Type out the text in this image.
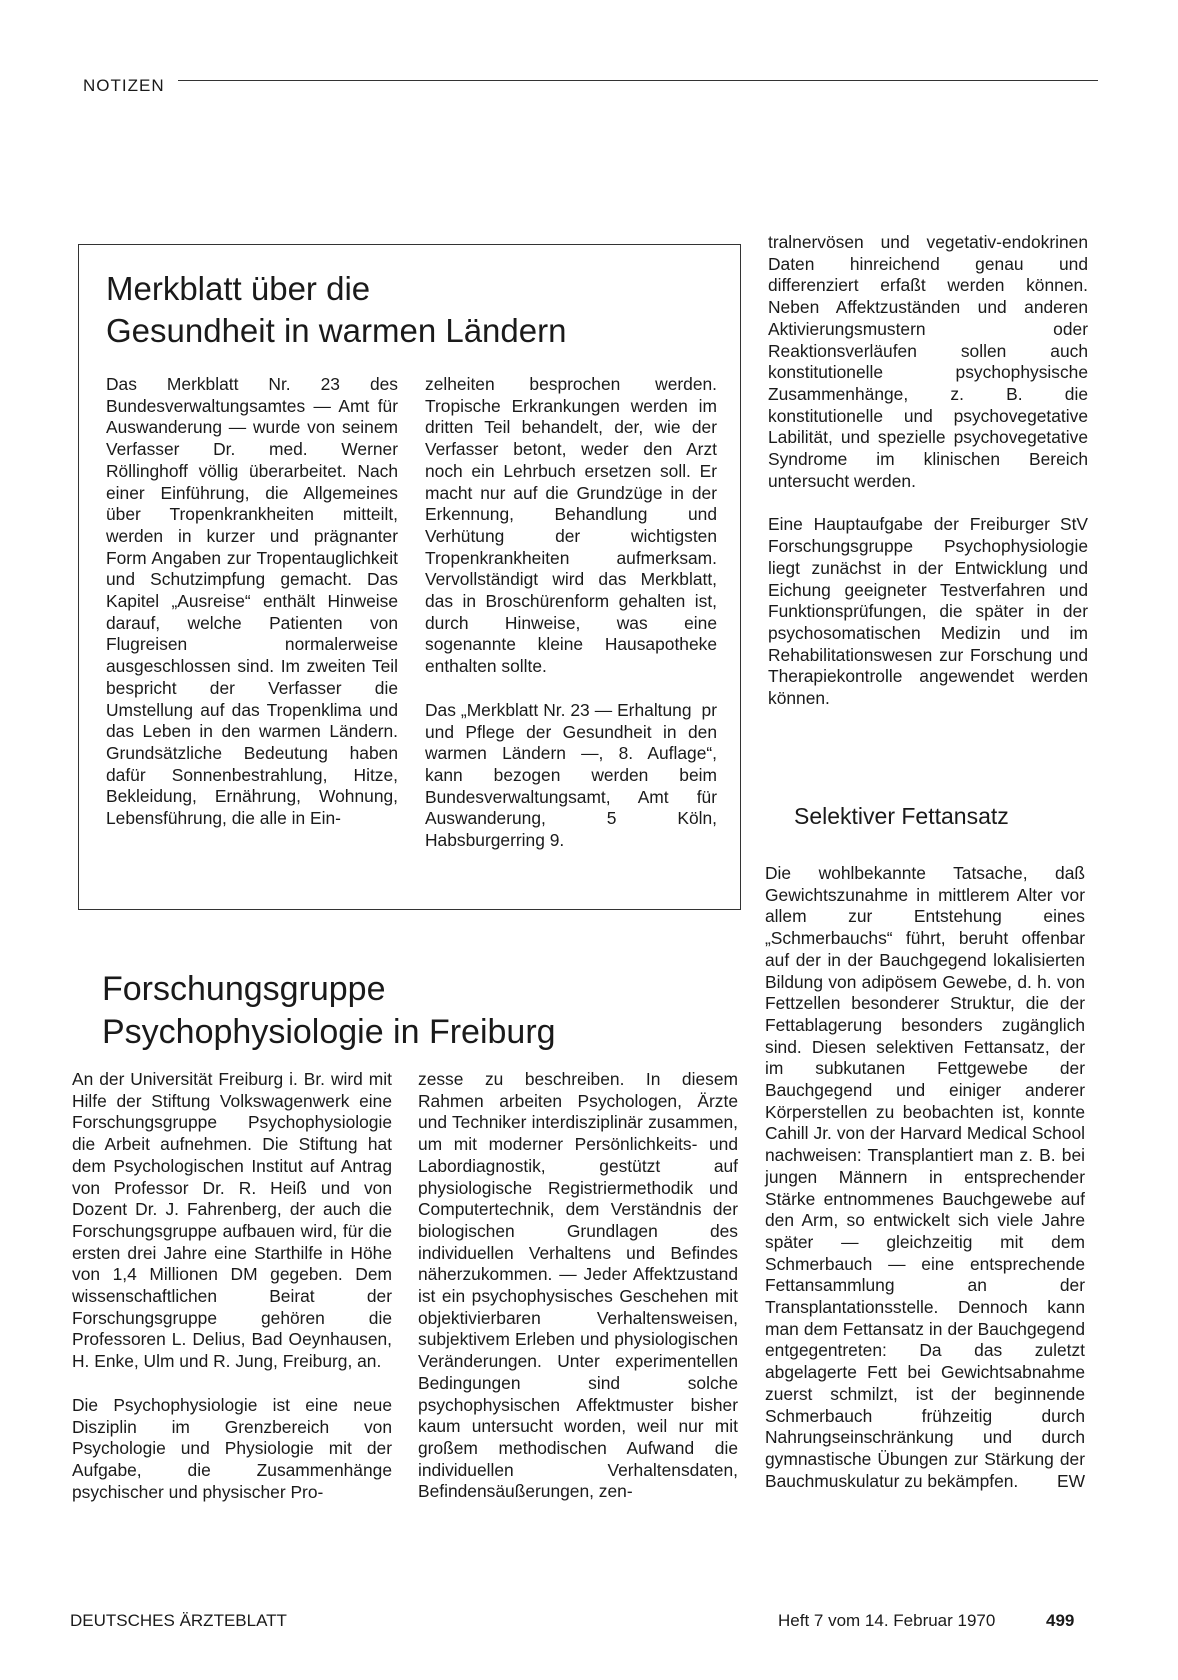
NOTIZEN
Merkblatt über die
Gesundheit in warmen Ländern

Das Merkblatt Nr. 23 des Bundesverwaltungsamtes — Amt für Auswanderung — wurde von seinem Verfasser Dr. med. Werner Röllinghoff völlig überarbeitet. Nach einer Einführung, die Allgemeines über Tropenkrankheiten mitteilt, werden in kurzer und prägnanter Form Angaben zur Tropentauglichkeit und Schutzimpfung gemacht. Das Kapitel „Ausreise“ enthält Hinweise darauf, welche Patienten von Flugreisen normalerweise ausgeschlossen sind. Im zweiten Teil bespricht der Verfasser die Umstellung auf das Tropenklima und das Leben in den warmen Ländern. Grundsätzliche Bedeutung haben dafür Sonnenbestrahlung, Hitze, Bekleidung, Ernährung, Wohnung, Lebensführung, die alle in Ein-

zelheiten besprochen werden. Tropische Erkrankungen werden im dritten Teil behandelt, der, wie der Verfasser betont, weder den Arzt noch ein Lehrbuch ersetzen soll. Er macht nur auf die Grundzüge in der Erkennung, Behandlung und Verhütung der wichtigsten Tropenkrankheiten aufmerksam. Vervollständigt wird das Merkblatt, das in Broschürenform gehalten ist, durch Hinweise, was eine sogenannte kleine Hausapotheke enthalten sollte.

pr
Das „Merkblatt Nr. 23 — Erhaltung und Pflege der Gesundheit in den warmen Ländern —, 8. Auflage“, kann bezogen werden beim Bundesverwaltungsamt, Amt für Auswanderung, 5 Köln, Habsburgerring 9.

Forschungsgruppe
Psychophysiologie in Freiburg

An der Universität Freiburg i. Br. wird mit Hilfe der Stiftung Volkswagenwerk eine Forschungsgruppe Psychophysiologie die Arbeit aufnehmen. Die Stiftung hat dem Psychologischen Institut auf Antrag von Professor Dr. R. Heiß und von Dozent Dr. J. Fahrenberg, der auch die Forschungsgruppe aufbauen wird, für die ersten drei Jahre eine Starthilfe in Höhe von 1,4 Millionen DM gegeben. Dem wissenschaftlichen Beirat der Forschungsgruppe gehören die Professoren L. Delius, Bad Oeynhausen, H. Enke, Ulm und R. Jung, Freiburg, an.

Die Psychophysiologie ist eine neue Disziplin im Grenzbereich von Psychologie und Physiologie mit der Aufgabe, die Zusammenhänge psychischer und physischer Pro-

zesse zu beschreiben. In diesem Rahmen arbeiten Psychologen, Ärzte und Techniker interdisziplinär zusammen, um mit moderner Persönlichkeits- und Labordiagnostik, gestützt auf physiologische Registriermethodik und Computertechnik, dem Verständnis der biologischen Grundlagen des individuellen Verhaltens und Befindes näherzukommen. — Jeder Affektzustand ist ein psychophysisches Geschehen mit objektivierbaren Verhaltensweisen, subjektivem Erleben und physiologischen Veränderungen. Unter experimentellen Bedingungen sind solche psychophysischen Affektmuster bisher kaum untersucht worden, weil nur mit großem methodischen Aufwand die individuellen Verhaltensdaten, Befindensäußerungen, zen-

tralnervösen und vegetativ-endokrinen Daten hinreichend genau und differenziert erfaßt werden können. Neben Affektzuständen und anderen Aktivierungsmustern oder Reaktionsverläufen sollen auch konstitutionelle psychophysische Zusammenhänge, z. B. die konstitutionelle und psychovegetative Labilität, und spezielle psychovegetative Syndrome im klinischen Bereich untersucht werden.

StV
Eine Hauptaufgabe der Freiburger Forschungsgruppe Psychophysiologie liegt zunächst in der Entwicklung und Eichung geeigneter Testverfahren und Funktionsprüfungen, die später in der psychosomatischen Medizin und im Rehabilitationswesen zur Forschung und Therapiekontrolle angewendet werden können.

Selektiver Fettansatz

Die wohlbekannte Tatsache, daß Gewichtszunahme in mittlerem Alter vor allem zur Entstehung eines „Schmerbauchs“ führt, beruht offenbar auf der in der Bauchgegend lokalisierten Bildung von adipösem Gewebe, d. h. von Fettzellen besonderer Struktur, die der Fettablagerung besonders zugänglich sind. Diesen selektiven Fettansatz, der im subkutanen Fettgewebe der Bauchgegend und einiger anderer Körperstellen zu beobachten ist, konnte Cahill Jr. von der Harvard Medical School nachweisen: Transplantiert man z. B. bei jungen Männern in entsprechender Stärke entnommenes Bauchgewebe auf den Arm, so entwickelt sich viele Jahre später — gleichzeitig mit dem Schmerbauch — eine entsprechende Fettansammlung an der Transplantationsstelle. Dennoch kann man dem Fettansatz in der Bauchgegend entgegentreten: Da das zuletzt abgelagerte Fett bei Gewichtsabnahme zuerst schmilzt, ist der beginnende Schmerbauch frühzeitig durch Nahrungseinschränkung und durch gymnastische Übungen zur Stärkung der Bauchmuskulatur zu bekämpfen. EW

DEUTSCHES ÄRZTEBLATT	Heft 7 vom 14. Februar 1970	499
